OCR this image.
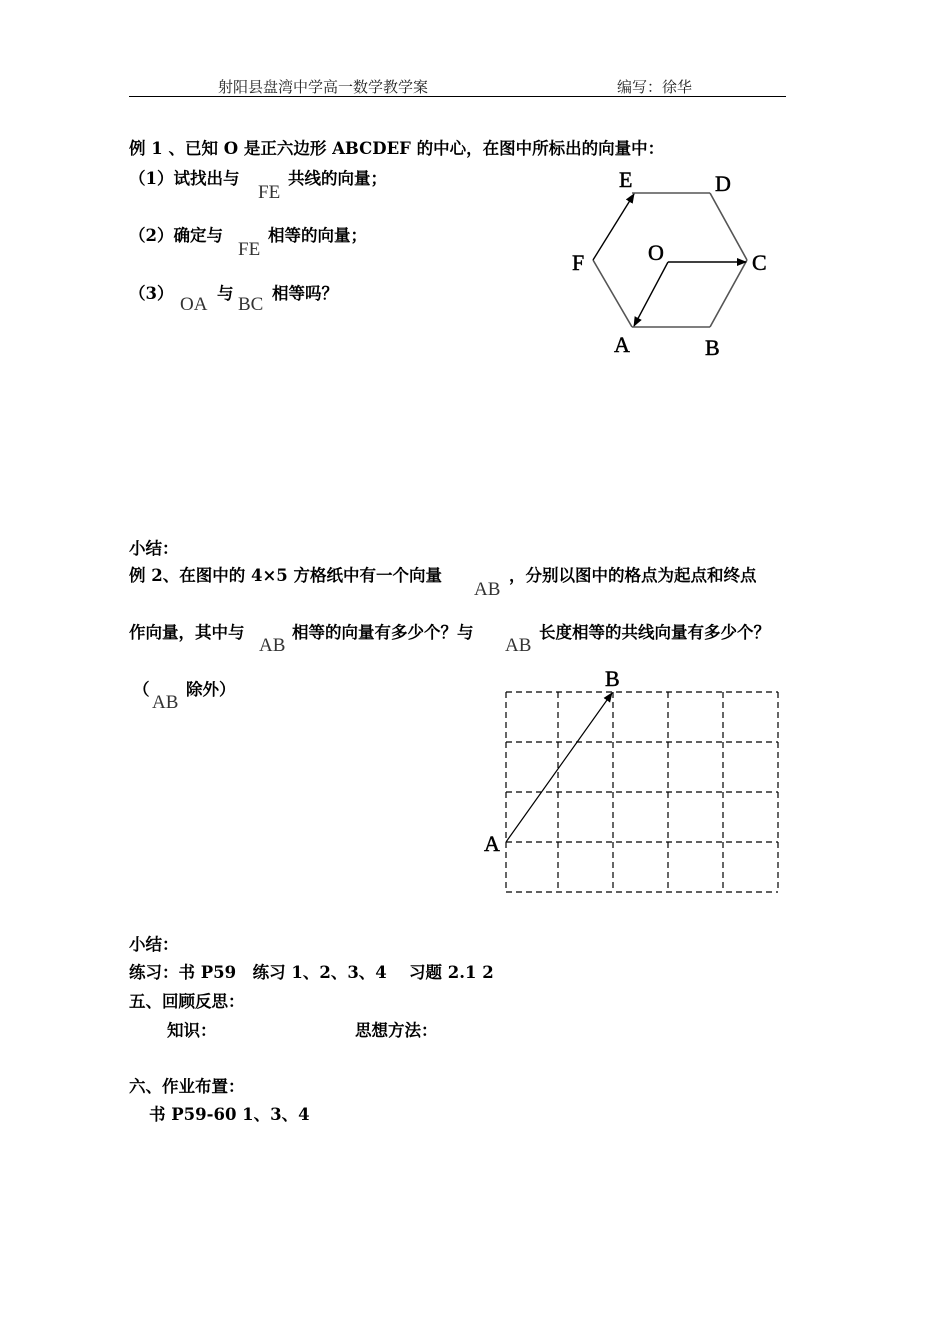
射阳县盘湾中学高一数学教学案	编写：徐华
例 1 、已知 O 是正六边形 ABCDEF 的中心，在图中所标出的向量中：
（1）试找出与
FE
共线的向量；
（2）确定与
FE
相等的向量；
（3）
OA
与
BC
相等吗？
E	D
F	O	C
A	B
小结：
例 2、在图中的 4×5 方格纸中有一个向量
AB
，分别以图中的格点为起点和终点
作向量，其中与
AB
相等的向量有多少个？与
AB
长度相等的共线向量有多少个？
（
AB
除外）
A
B
小结：
练习：书 P59　练习 1、2、3、4　 习题 2.1 2
五、回顾反思：
知识：	思想方法：
六、作业布置：
书 P59-60 1、3、4
